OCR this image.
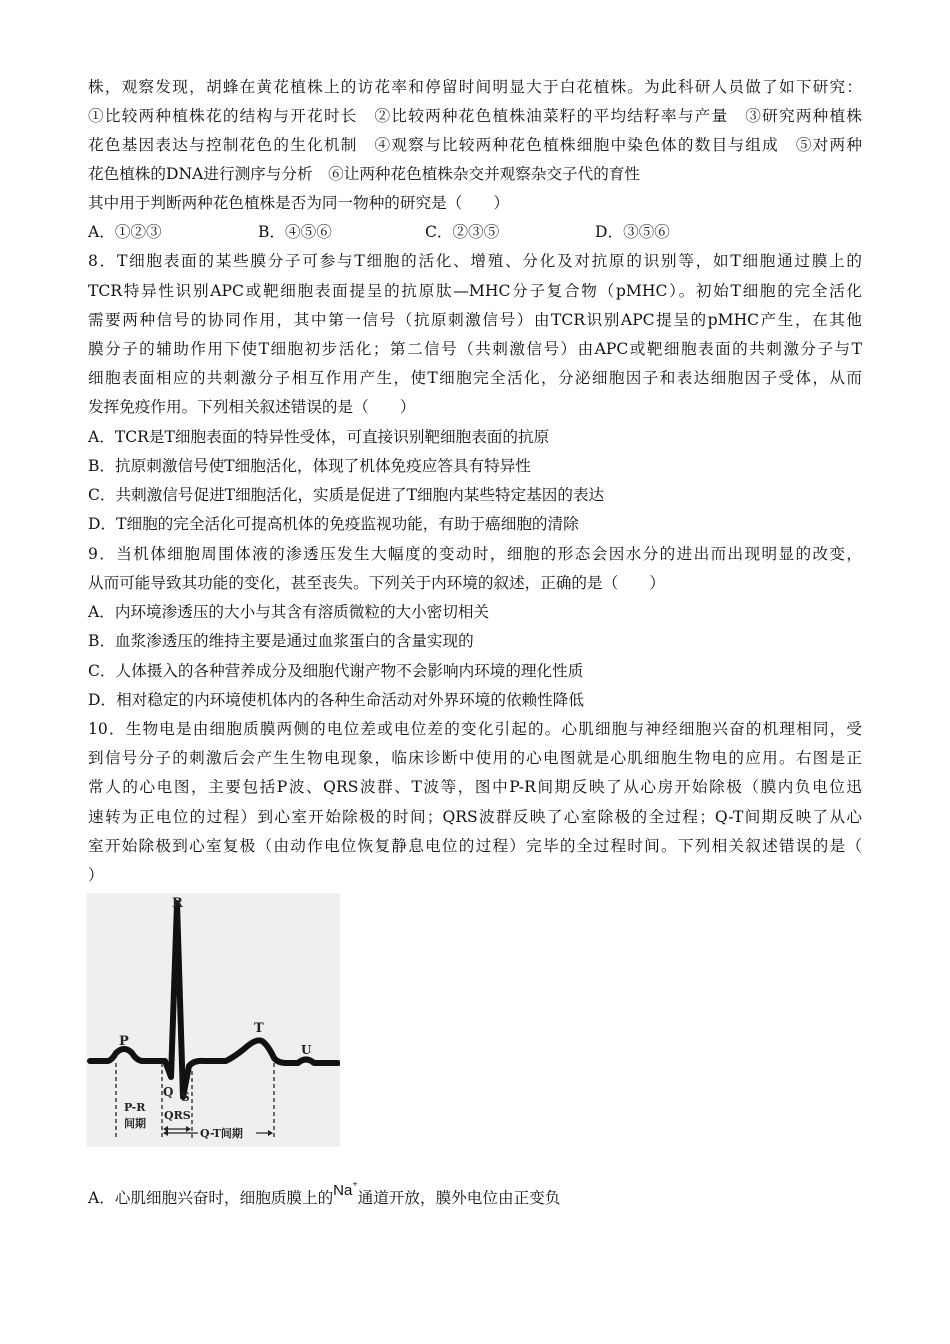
株，观察发现，胡蜂在黄花植株上的访花率和停留时间明显大于白花植株。为此科研人员做了如下研究：
①比较两种植株花的结构与开花时长　②比较两种花色植株油菜籽的平均结籽率与产量　③研究两种植株
花色基因表达与控制花色的生化机制　④观察与比较两种花色植株细胞中染色体的数目与组成　⑤对两种
花色植株的DNA进行测序与分析　⑥让两种花色植株杂交并观察杂交子代的育性
其中用于判断两种花色植株是否为同一物种的研究是（　　）
A．①②③	B．④⑤⑥	C．②③⑤	D．③⑤⑥
8．T细胞表面的某些膜分子可参与T细胞的活化、增殖、分化及对抗原的识别等，如T细胞通过膜上的
TCR特异性识别APC或靶细胞表面提呈的抗原肽—MHC分子复合物（pMHC）。初始T细胞的完全活化
需要两种信号的协同作用，其中第一信号（抗原刺激信号）由TCR识别APC提呈的pMHC产生，在其他
膜分子的辅助作用下使T细胞初步活化；第二信号（共刺激信号）由APC或靶细胞表面的共刺激分子与T
细胞表面相应的共刺激分子相互作用产生，使T细胞完全活化，分泌细胞因子和表达细胞因子受体，从而
发挥免疫作用。下列相关叙述错误的是（　　）
A．TCR是T细胞表面的特异性受体，可直接识别靶细胞表面的抗原
B．抗原刺激信号使T细胞活化，体现了机体免疫应答具有特异性
C．共刺激信号促进T细胞活化，实质是促进了T细胞内某些特定基因的表达
D．T细胞的完全活化可提高机体的免疫监视功能，有助于癌细胞的清除
9．当机体细胞周围体液的渗透压发生大幅度的变动时，细胞的形态会因水分的进出而出现明显的改变，
从而可能导致其功能的变化，甚至丧失。下列关于内环境的叙述，正确的是（　　）
A．内环境渗透压的大小与其含有溶质微粒的大小密切相关
B．血浆渗透压的维持主要是通过血浆蛋白的含量实现的
C．人体摄入的各种营养成分及细胞代谢产物不会影响内环境的理化性质
D．相对稳定的内环境使机体内的各种生命活动对外界环境的依赖性降低
10．生物电是由细胞质膜两侧的电位差或电位差的变化引起的。心肌细胞与神经细胞兴奋的机理相同，受
到信号分子的刺激后会产生生物电现象，临床诊断中使用的心电图就是心肌细胞生物电的应用。右图是正
常人的心电图，主要包括P波、QRS波群、T波等，图中P-R间期反映了从心房开始除极（膜内负电位迅
速转为正电位的过程）到心室开始除极的时间；QRS波群反映了心室除极的全过程；Q-T间期反映了从心
室开始除极到心室复极（由动作电位恢复静息电位的过程）完毕的全过程时间。下列相关叙述错误的是（
）
P
R
Q S
T
U
QRS
P-R
间期
Q-T间期
A．心肌细胞兴奋时，细胞质膜上的Na+通道开放，膜外电位由正变负
